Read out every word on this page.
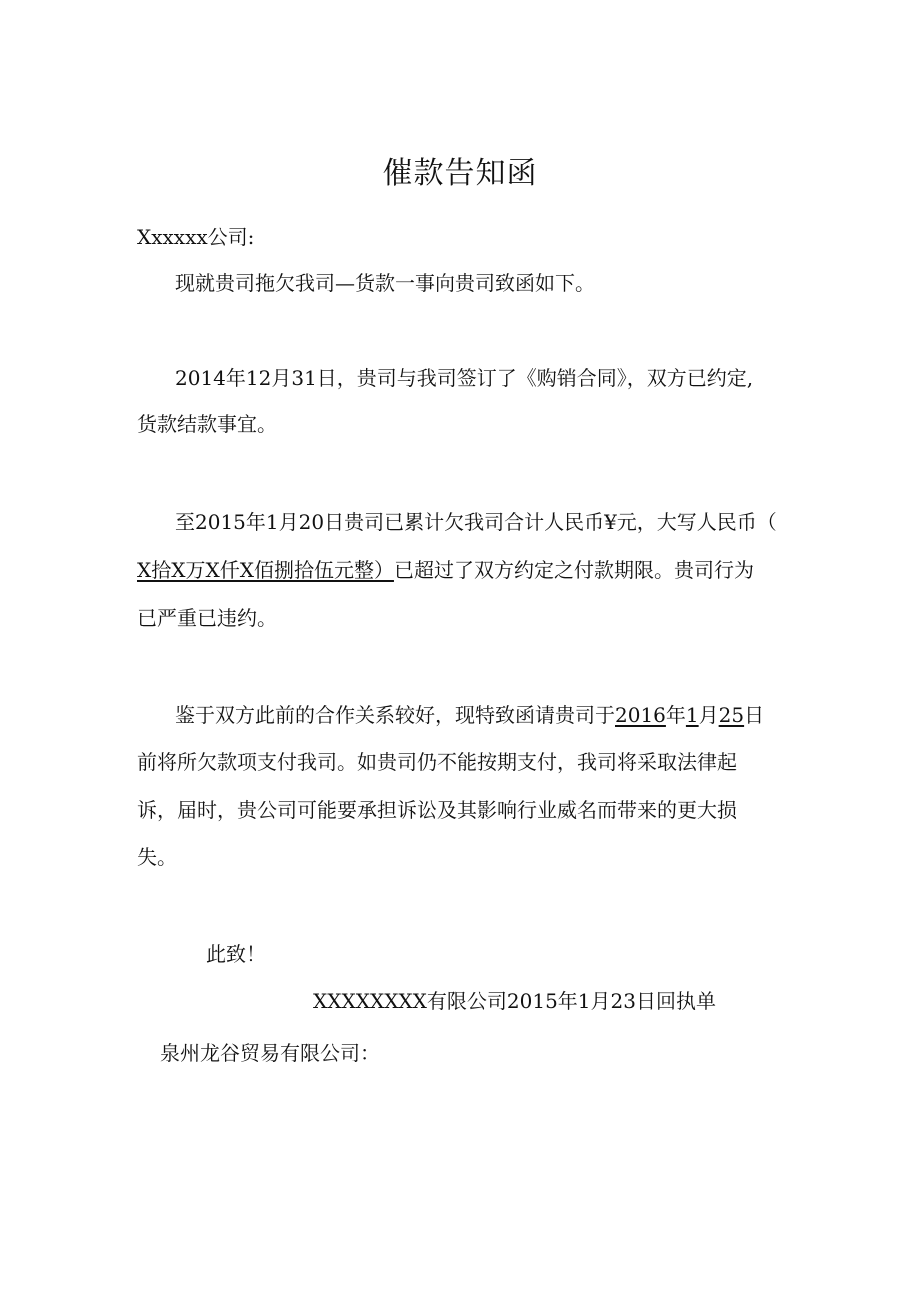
催款告知函
Xxxxxx公司:
现就贵司拖欠我司—货款一事向贵司致函如下。
2014年12月31日，贵司与我司签订了《购销合同》，双方已约定,
货款结款事宜。
至2015年1月20日贵司已累计欠我司合计人民币¥元，大写人民币（
X拾X万X仟X佰捌拾伍元整）已超过了双方约定之付款期限。贵司行为
已严重已违约。
鉴于双方此前的合作关系较好，现特致函请贵司于2016年1月25日
前将所欠款项支付我司。如贵司仍不能按期支付，我司将采取法律起
诉，届时，贵公司可能要承担诉讼及其影响行业威名而带来的更大损
失。
此致！
XXXXXXXX有限公司2015年1月23日回执单
泉州龙谷贸易有限公司：
